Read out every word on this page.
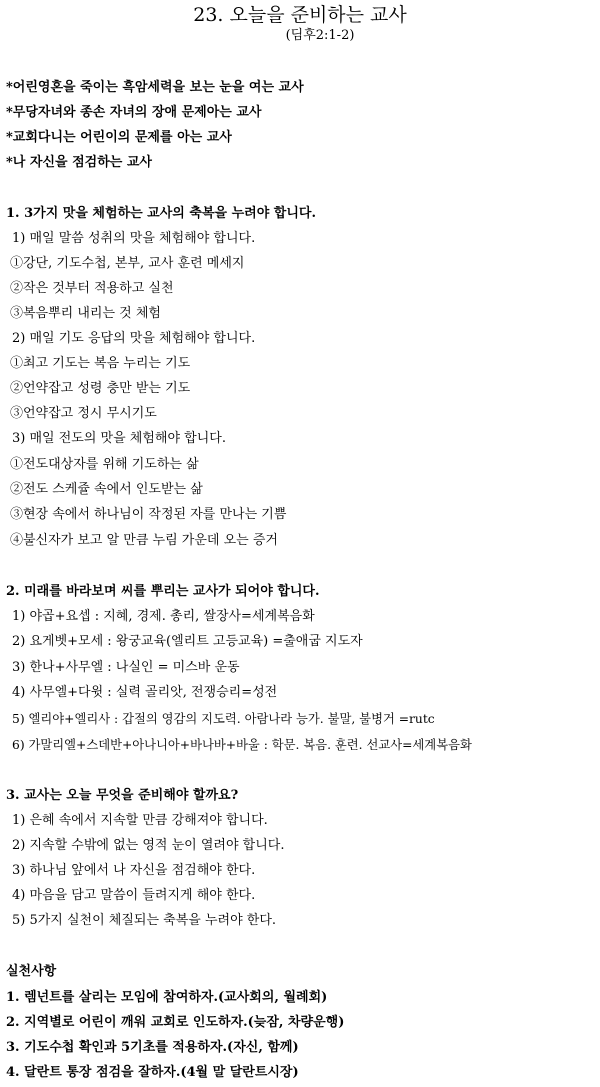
23. 오늘을 준비하는 교사
(딤후2:1-2)
*어린영혼을 죽이는 흑암세력을 보는 눈을 여는 교사
*무당자녀와 종손 자녀의 장애 문제아는 교사
*교회다니는 어린이의 문제를 아는 교사
*나 자신을 점검하는 교사
1. 3가지 맛을 체험하는 교사의 축복을 누려야 합니다.
1) 매일 말씀 성취의 맛을 체험해야 합니다.
①강단, 기도수첩, 본부, 교사 훈련 메세지
②작은 것부터 적용하고 실천
③복음뿌리 내리는 것 체험
2) 매일 기도 응답의 맛을 체험해야 합니다.
①최고 기도는 복음 누리는 기도
②언약잡고 성령 충만 받는 기도
③언약잡고 정시 무시기도
3) 매일 전도의 맛을 체험해야 합니다.
①전도대상자를 위해 기도하는 삶
②전도 스케쥴 속에서 인도받는 삶
③현장 속에서 하나님이 작정된 자를 만나는 기쁨
④불신자가 보고 알 만큼 누림 가운데 오는 증거
2. 미래를 바라보며 씨를 뿌리는 교사가 되어야 합니다.
1) 야곱+요셉 : 지혜, 경제. 총리, 쌀장사=세계복음화
2) 요게벳+모세 : 왕궁교육(엘리트 고등교육) =출애굽 지도자
3) 한나+사무엘 : 나실인 = 미스바 운동
4) 사무엘+다윗 : 실력 골리앗, 전쟁승리=성전
5) 엘리야+엘리사 : 갑절의 영감의 지도력. 아람나라 능가. 불말, 불병거 =rutc
6) 가말리엘+스데반+아나니아+바나바+바울 : 학문. 복음. 훈련. 선교사=세계복음화
3. 교사는 오늘 무엇을 준비해야 할까요?
1) 은혜 속에서 지속할 만큼 강해져야 합니다.
2) 지속할 수밖에 없는 영적 눈이 열려야 합니다.
3) 하나님 앞에서 나 자신을 점검해야 한다.
4) 마음을 담고 말씀이 들려지게 해야 한다.
5) 5가지 실천이 체질되는 축복을 누려야 한다.
실천사항
1. 렘넌트를 살리는 모임에 참여하자.(교사회의, 월례회)
2. 지역별로 어린이 깨워 교회로 인도하자.(늦잠, 차량운행)
3. 기도수첩 확인과 5기초를 적용하자.(자신, 함께)
4. 달란트 통장 점검을 잘하자.(4월 말 달란트시장)
